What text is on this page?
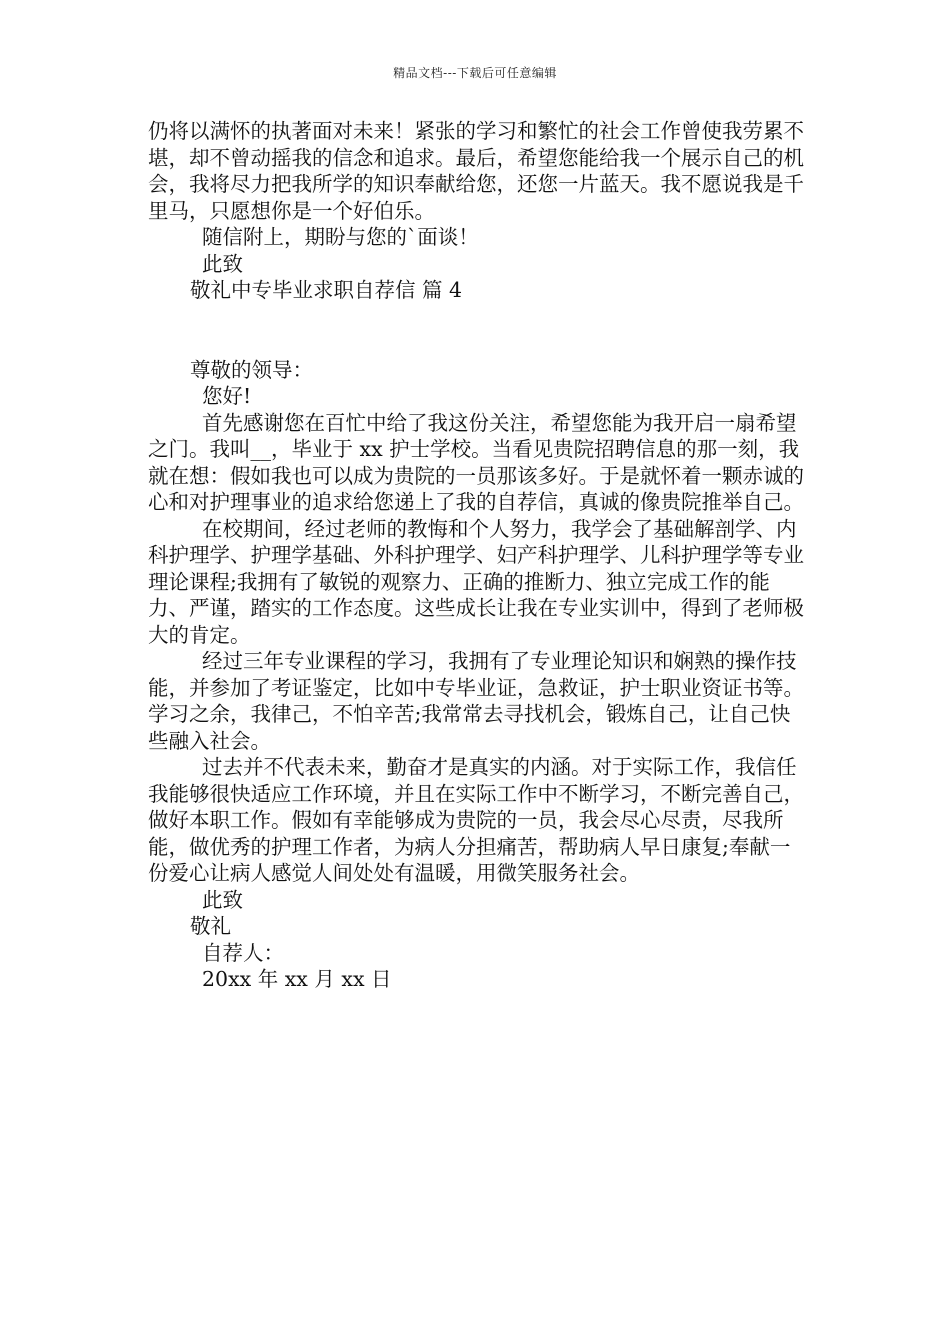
精品文档---下载后可任意编辑

仍将以满怀的执著面对未来！紧张的学习和繁忙的社会工作曾使我劳累不堪，却不曾动摇我的信念和追求。最后，希望您能给我一个展示自己的机会，我将尽力把我所学的知识奉献给您，还您一片蓝天。我不愿说我是千里马，只愿想你是一个好伯乐。

随信附上，期盼与您的`面谈！

此致

敬礼中专毕业求职自荐信 篇 4

尊敬的领导：

您好!

首先感谢您在百忙中给了我这份关注，希望您能为我开启一扇希望之门。我叫__，毕业于 xx 护士学校。当看见贵院招聘信息的那一刻，我就在想：假如我也可以成为贵院的一员那该多好。于是就怀着一颗赤诚的心和对护理事业的追求给您递上了我的自荐信，真诚的像贵院推举自己。

在校期间，经过老师的教悔和个人努力，我学会了基础解剖学、内科护理学、护理学基础、外科护理学、妇产科护理学、儿科护理学等专业理论课程;我拥有了敏锐的观察力、正确的推断力、独立完成工作的能力、严谨，踏实的工作态度。这些成长让我在专业实训中，得到了老师极大的肯定。

经过三年专业课程的学习，我拥有了专业理论知识和娴熟的操作技能，并参加了考证鉴定，比如中专毕业证，急救证，护士职业资证书等。学习之余，我律己，不怕辛苦;我常常去寻找机会，锻炼自己，让自己快些融入社会。

过去并不代表未来，勤奋才是真实的内涵。对于实际工作，我信任我能够很快适应工作环境，并且在实际工作中不断学习，不断完善自己，做好本职工作。假如有幸能够成为贵院的一员，我会尽心尽责，尽我所能，做优秀的护理工作者，为病人分担痛苦，帮助病人早日康复;奉献一份爱心让病人感觉人间处处有温暖，用微笑服务社会。

此致

敬礼

自荐人：

20xx 年 xx 月 xx 日
